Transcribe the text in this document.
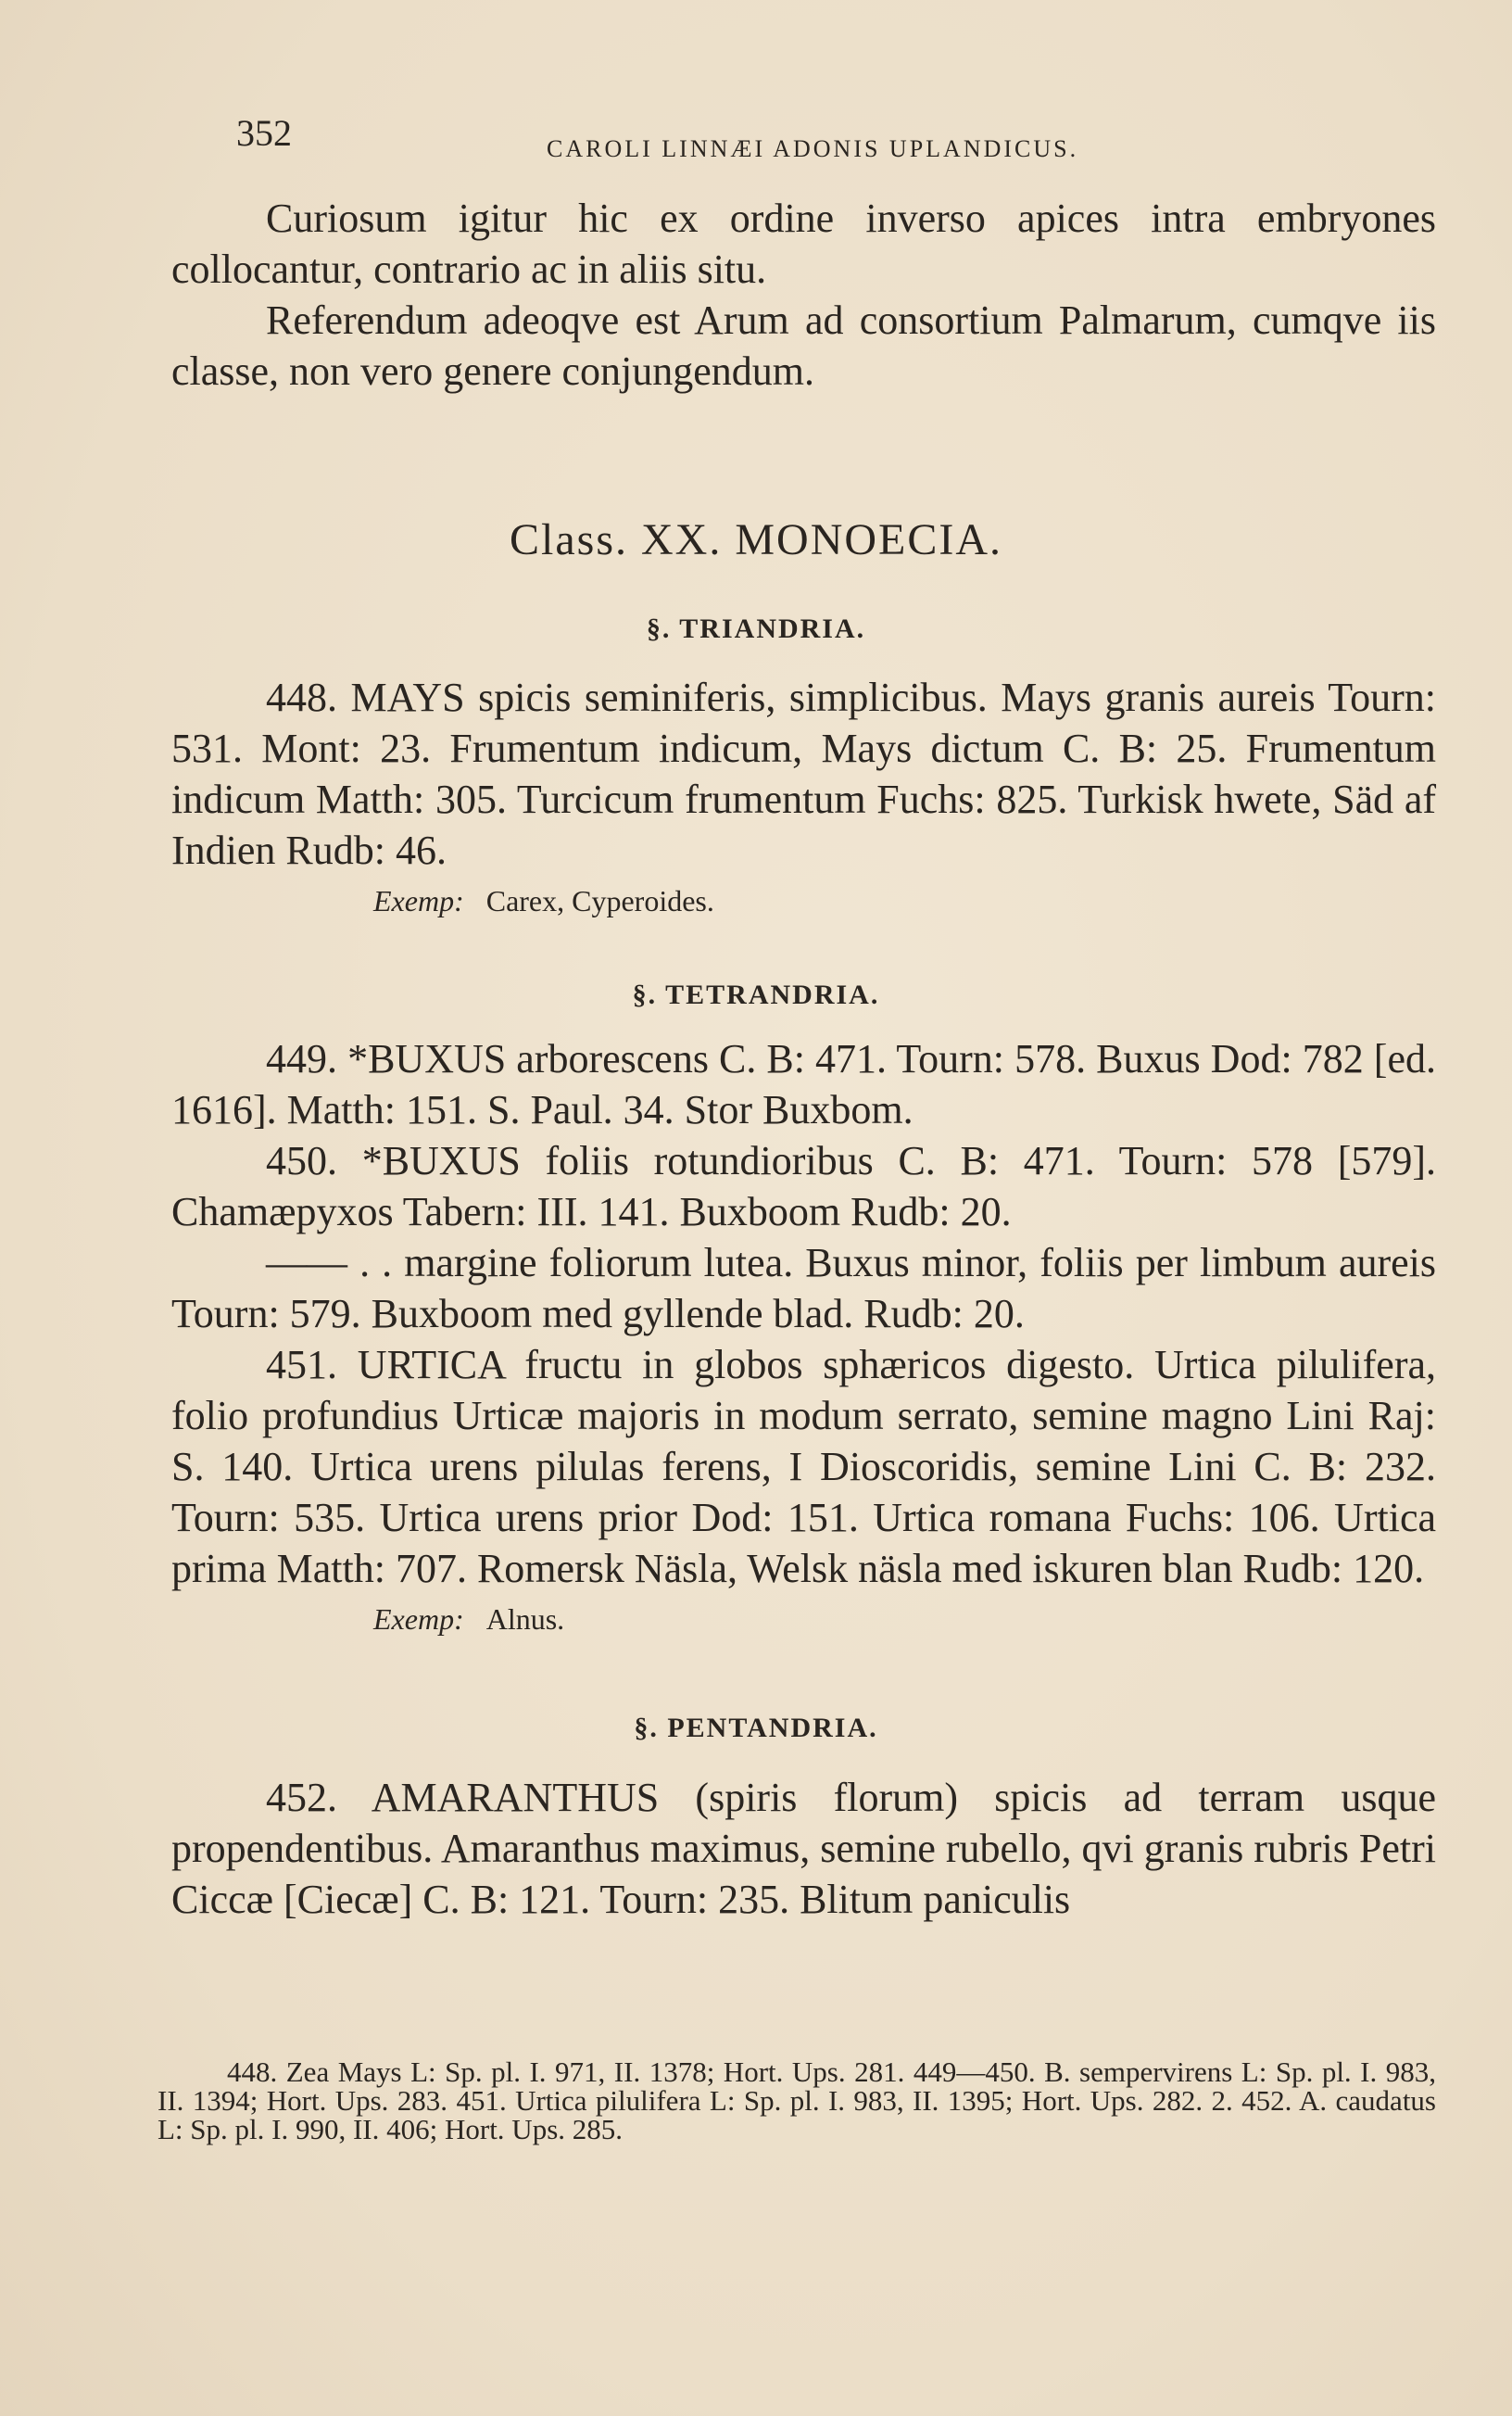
352	CAROLI LINNÆI ADONIS UPLANDICUS.

Curiosum igitur hic ex ordine inverso apices intra embryones collocantur, contrario ac in aliis situ.

Referendum adeoqve est Arum ad consortium Palmarum, cumqve iis classe, non vero genere conjungendum.

Class. XX. MONOECIA.
§. TRIANDRIA.

448. MAYS spicis seminiferis, simplicibus. Mays granis aureis Tourn: 531. Mont: 23. Frumentum indicum, Mays dictum C. B: 25. Frumentum indicum Matth: 305. Turcicum frumentum Fuchs: 825. Turkisk hwete, Säd af Indien Rudb: 46.

Exemp: Carex, Cyperoides.

§. TETRANDRIA.

449. *BUXUS arborescens C. B: 471. Tourn: 578. Buxus Dod: 782 [ed. 1616]. Matth: 151. S. Paul. 34. Stor Buxbom.

450. *BUXUS foliis rotundioribus C. B: 471. Tourn: 578 [579]. Chamæpyxos Tabern: III. 141. Buxboom Rudb: 20.

—— . . margine foliorum lutea. Buxus minor, foliis per limbum aureis Tourn: 579. Buxboom med gyllende blad. Rudb: 20.

451. URTICA fructu in globos sphæricos digesto. Urtica pilulifera, folio profundius Urticæ majoris in modum serrato, semine magno Lini Raj: S. 140. Urtica urens pilulas ferens, I Dioscoridis, semine Lini C. B: 232. Tourn: 535. Urtica urens prior Dod: 151. Urtica romana Fuchs: 106. Urtica prima Matth: 707. Romersk Näsla, Welsk näsla med iskuren blan Rudb: 120.

Exemp: Alnus.

§. PENTANDRIA.

452. AMARANTHUS (spiris florum) spicis ad terram usque propendentibus. Amaranthus maximus, semine rubello, qvi granis rubris Petri Ciccæ [Ciecæ] C. B: 121. Tourn: 235. Blitum paniculis

448. Zea Mays L: Sp. pl. I. 971, II. 1378; Hort. Ups. 281. 449—450. B. sempervirens L: Sp. pl. I. 983, II. 1394; Hort. Ups. 283. 451. Urtica pilulifera L: Sp. pl. I. 983, II. 1395; Hort. Ups. 282. 2. 452. A. caudatus L: Sp. pl. I. 990, II. 406; Hort. Ups. 285.
